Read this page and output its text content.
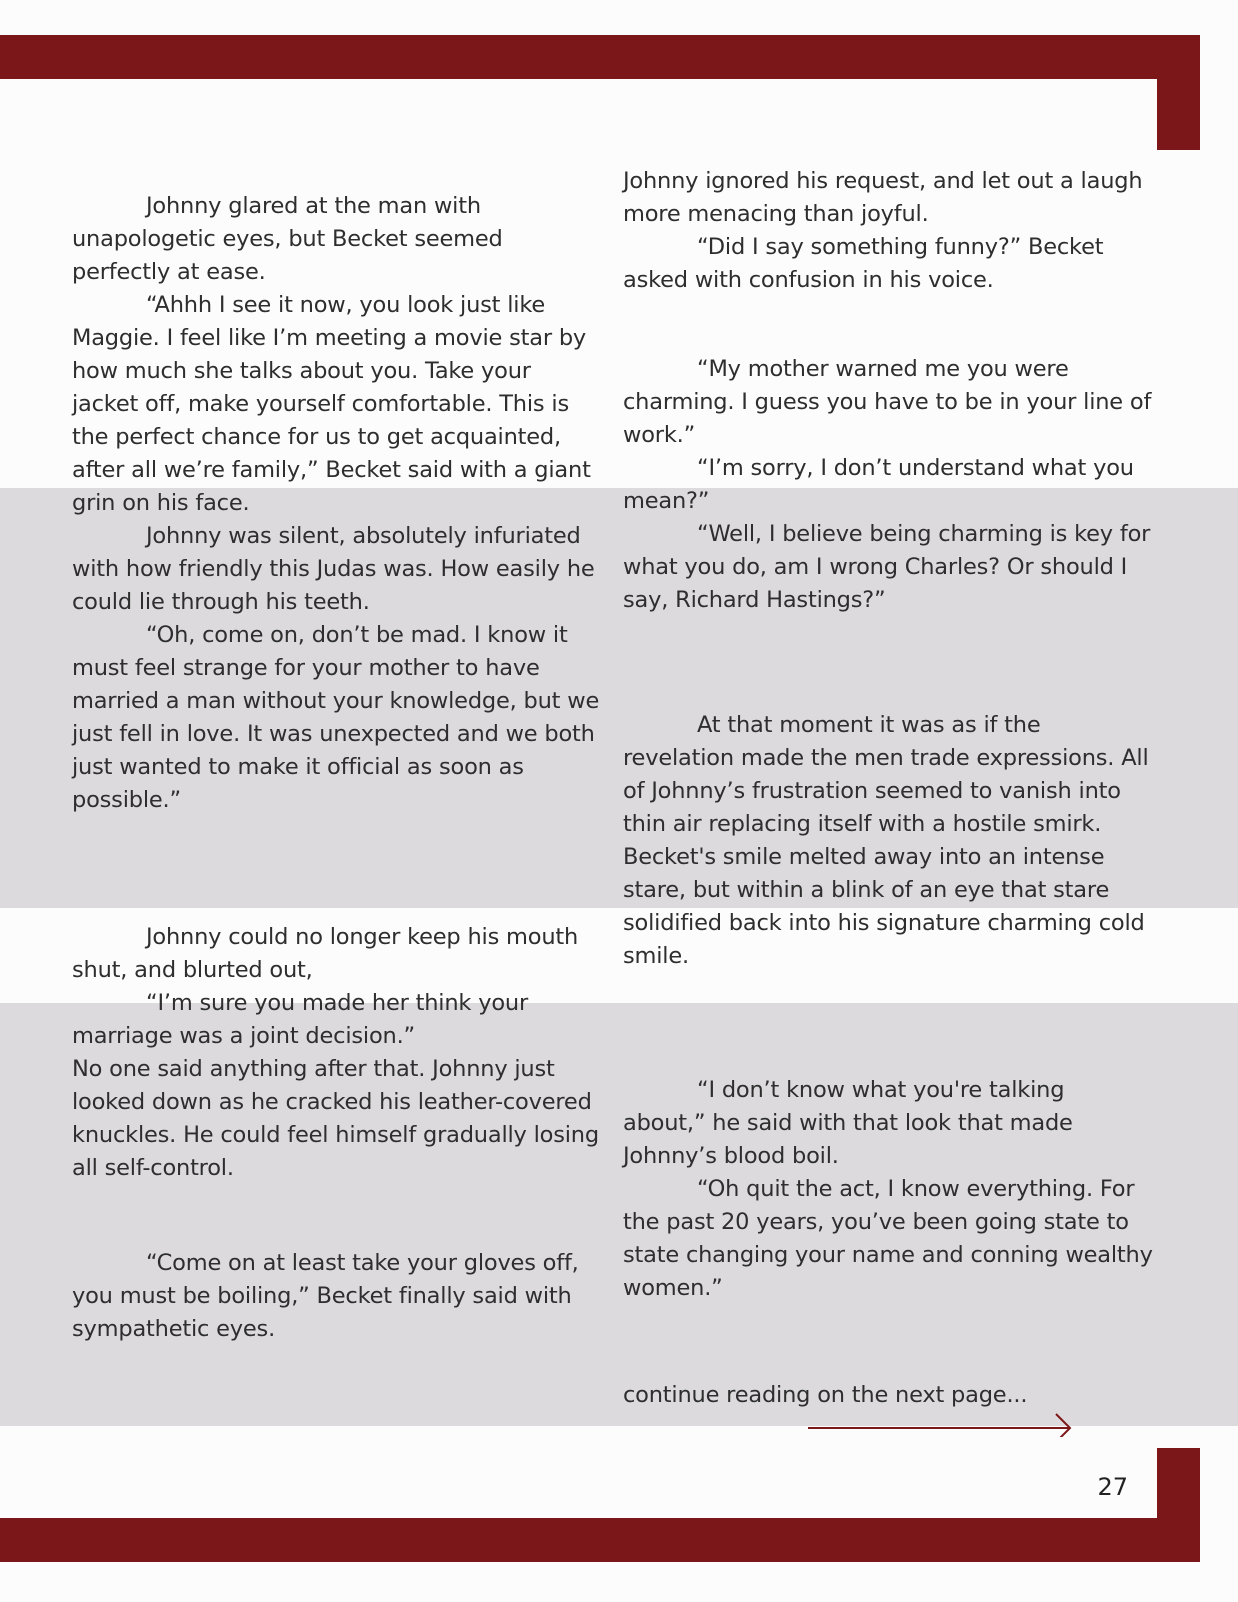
Johnny glared at the man with unapologetic eyes, but Becket seemed perfectly at ease.

“Ahhh I see it now, you look just like Maggie. I feel like I’m meeting a movie star by how much she talks about you. Take your jacket off, make yourself comfortable. This is the perfect chance for us to get acquainted, after all we’re family,” Becket said with a giant grin on his face.

Johnny was silent, absolutely infuriated with how friendly this Judas was. How easily he could lie through his teeth.

“Oh, come on, don’t be mad. I know it must feel strange for your mother to have married a man without your knowledge, but we just fell in love. It was unexpected and we both just wanted to make it official as soon as possible.”

Johnny could no longer keep his mouth shut, and blurted out,

“I’m sure you made her think your marriage was a joint decision.”

No one said anything after that. Johnny just looked down as he cracked his leather-covered knuckles. He could feel himself gradually losing all self-control.

“Come on at least take your gloves off, you must be boiling,” Becket finally said with sympathetic eyes.

Johnny ignored his request, and let out a laugh more menacing than joyful.

“Did I say something funny?” Becket asked with confusion in his voice.

“My mother warned me you were charming. I guess you have to be in your line of work.”

“I’m sorry, I don’t understand what you mean?”

“Well, I believe being charming is key for what you do, am I wrong Charles? Or should I say, Richard Hastings?”

At that moment it was as if the revelation made the men trade expressions. All of Johnny’s frustration seemed to vanish into thin air replacing itself with a hostile smirk. Becket's smile melted away into an intense stare, but within a blink of an eye that stare solidified back into his signature charming cold smile.

“I don’t know what you're talking about,” he said with that look that made Johnny’s blood boil.

“Oh quit the act, I know everything. For the past 20 years, you’ve been going state to state changing your name and conning wealthy women.”

continue reading on the next page...

27
